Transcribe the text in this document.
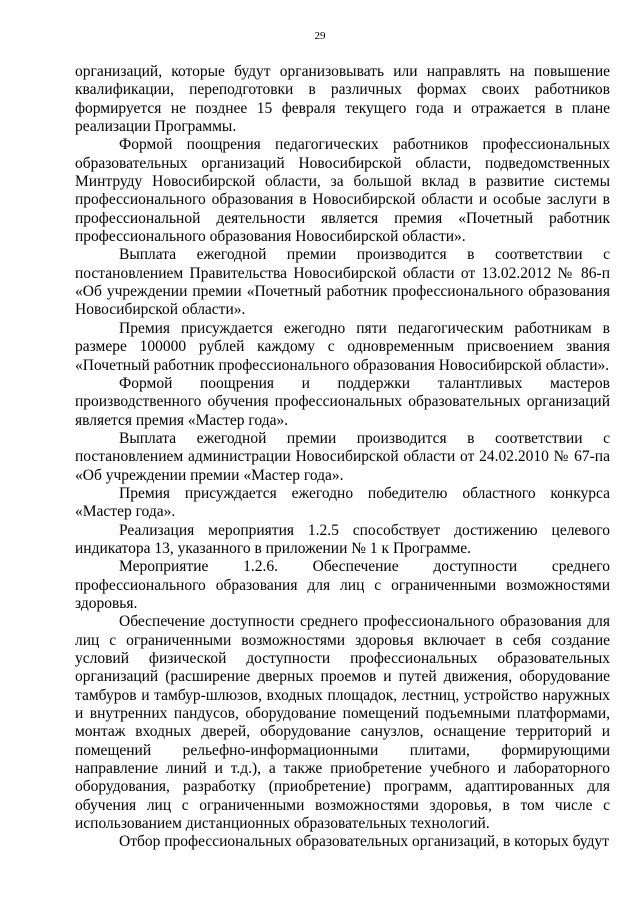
29

организаций, которые будут организовывать или направлять на повышение квалификации, переподготовки в различных формах своих работников формируется не позднее 15 февраля текущего года и отражается в плане реализации Программы.

Формой поощрения педагогических работников профессиональных образовательных организаций Новосибирской области, подведомственных Минтруду Новосибирской области, за большой вклад в развитие системы профессионального образования в Новосибирской области и особые заслуги в профессиональной деятельности является премия «Почетный работник профессионального образования Новосибирской области».

Выплата ежегодной премии производится в соответствии с постановлением Правительства Новосибирской области от 13.02.2012 № 86-п «Об учреждении премии «Почетный работник профессионального образования Новосибирской области».

Премия присуждается ежегодно пяти педагогическим работникам в размере 100000 рублей каждому с одновременным присвоением звания «Почетный работник профессионального образования Новосибирской области».

Формой поощрения и поддержки талантливых мастеров производственного обучения профессиональных образовательных организаций является премия «Мастер года».

Выплата ежегодной премии производится в соответствии с постановлением администрации Новосибирской области от 24.02.2010 № 67-па «Об учреждении премии «Мастер года».

Премия присуждается ежегодно победителю областного конкурса «Мастер года».

Реализация мероприятия 1.2.5 способствует достижению целевого индикатора 13, указанного в приложении № 1 к Программе.

Мероприятие 1.2.6. Обеспечение доступности среднего профессионального образования для лиц с ограниченными возможностями здоровья.

Обеспечение доступности среднего профессионального образования для лиц с ограниченными возможностями здоровья включает в себя создание условий физической доступности профессиональных образовательных организаций (расширение дверных проемов и путей движения, оборудование тамбуров и тамбур-шлюзов, входных площадок, лестниц, устройство наружных и внутренних пандусов, оборудование помещений подъемными платформами, монтаж входных дверей, оборудование санузлов, оснащение территорий и помещений рельефно-информационными плитами, формирующими направление линий и т.д.), а также приобретение учебного и лабораторного оборудования, разработку (приобретение) программ, адаптированных для обучения лиц с ограниченными возможностями здоровья, в том числе с использованием дистанционных образовательных технологий.

Отбор профессиональных образовательных организаций, в которых будут
